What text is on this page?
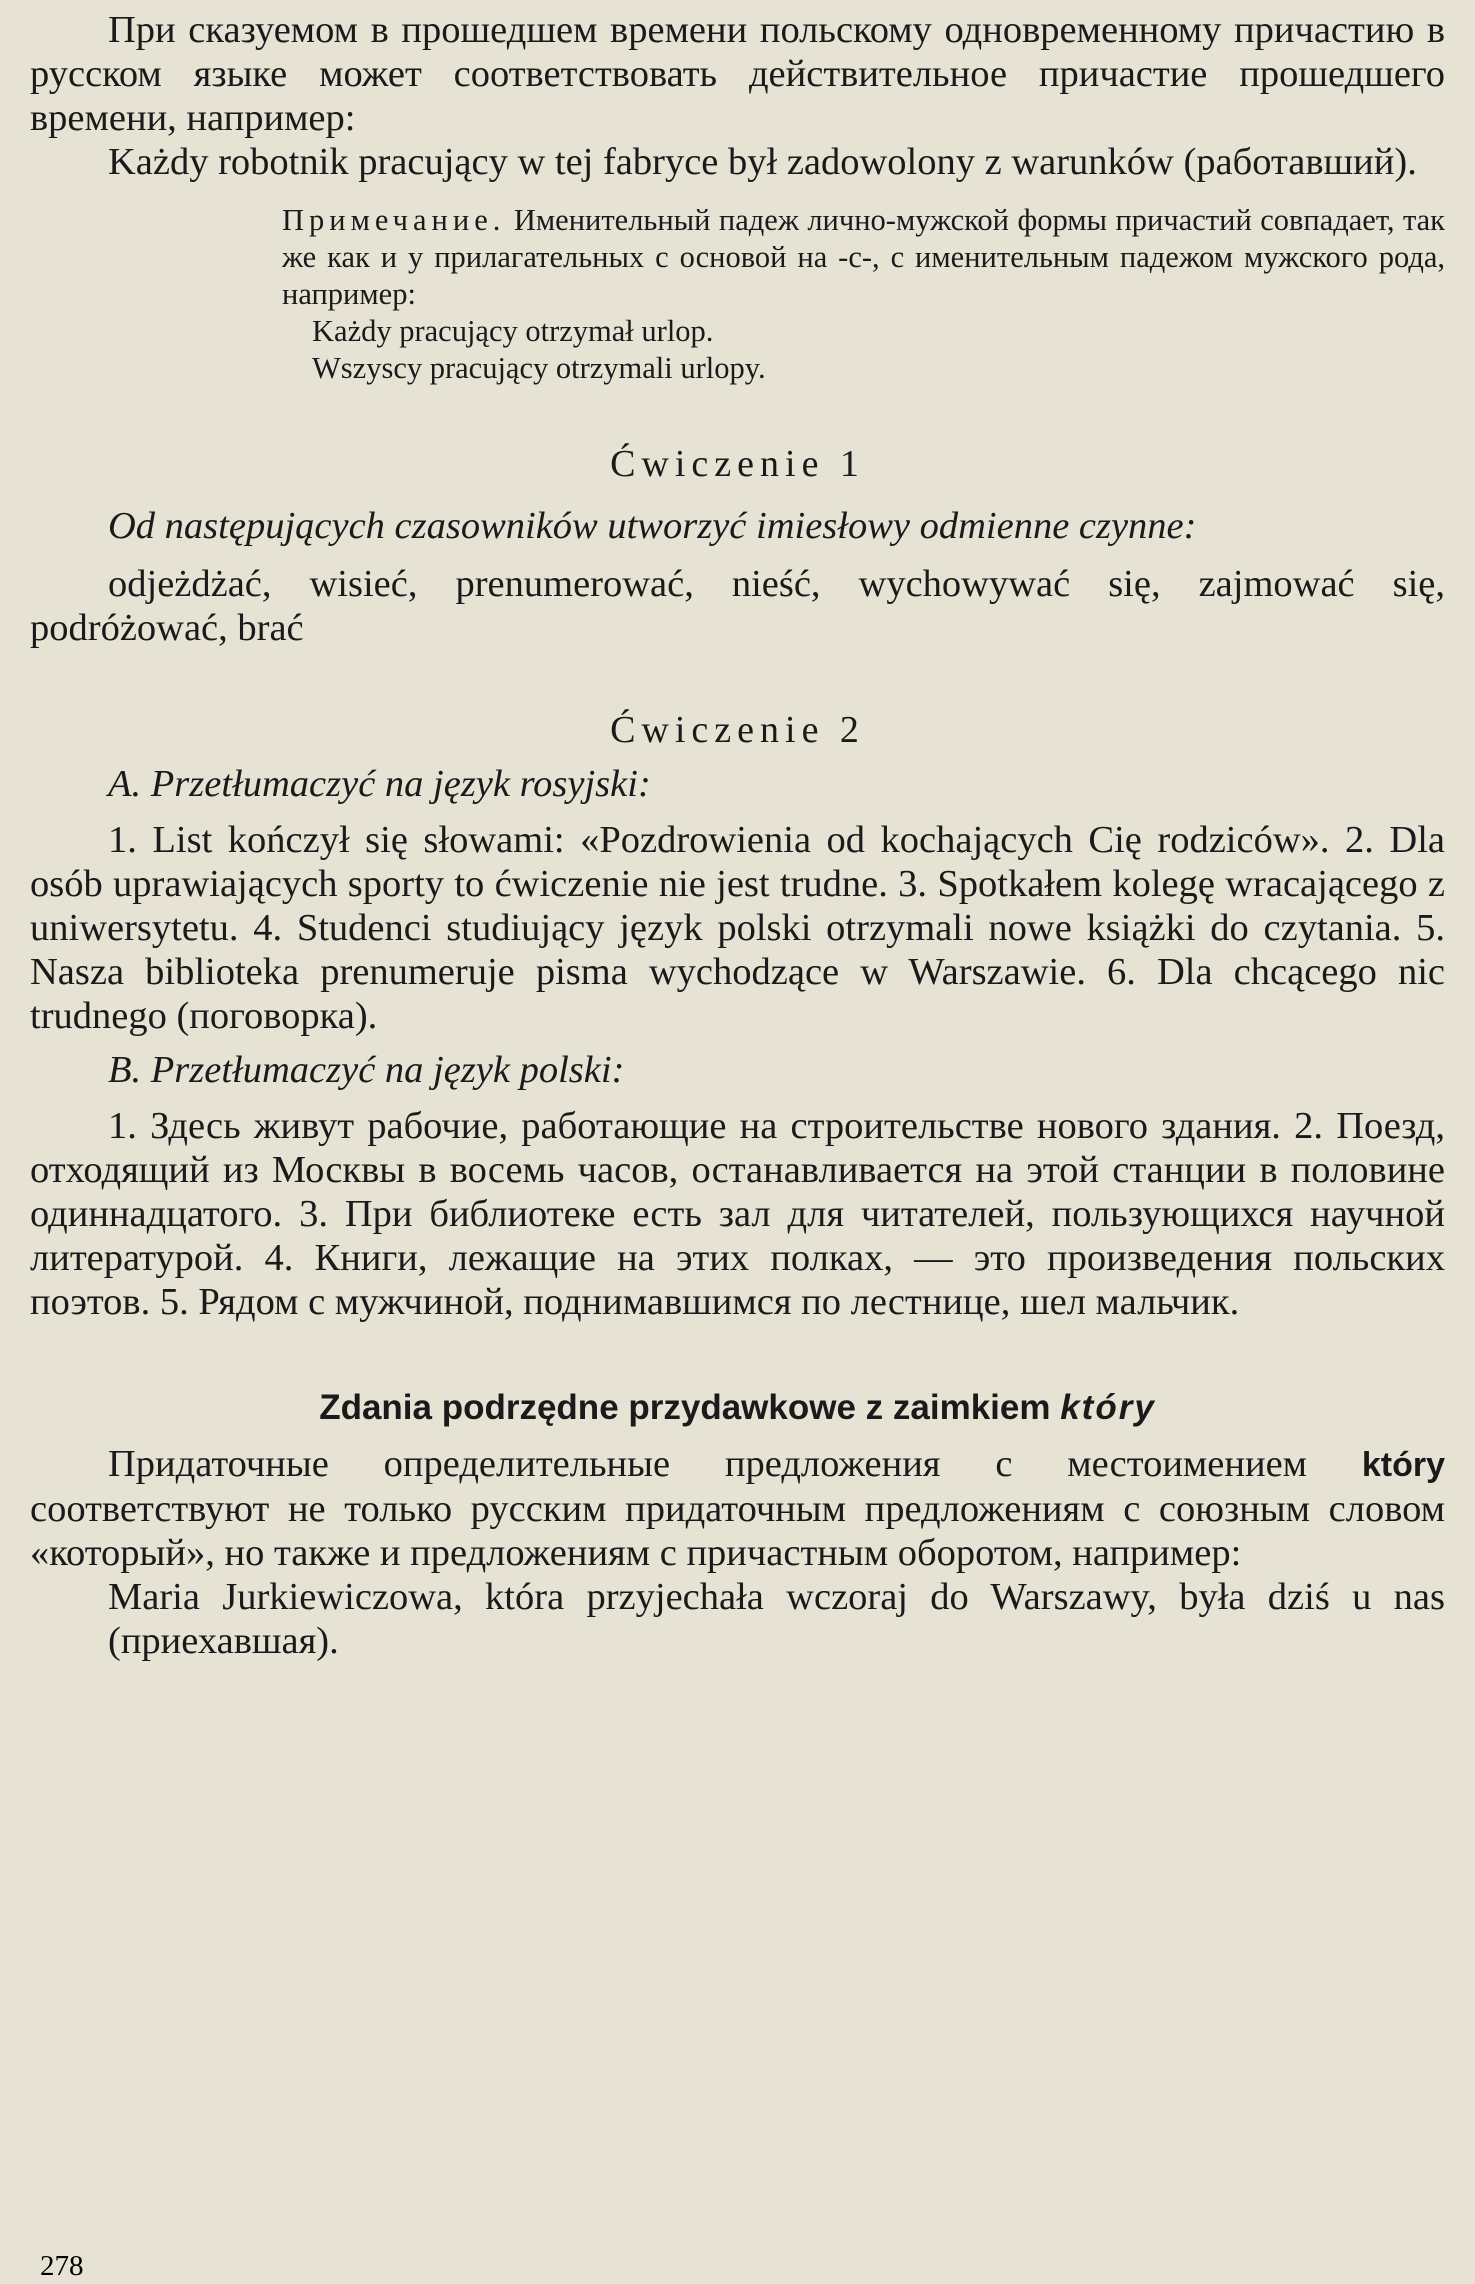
При сказуемом в прошедшем времени польскому одновременному причастию в русском языке может соответствовать действительное причастие прошедшего времени, например:

Każdy robotnik pracujący w tej fabryce był zadowolony z warunków (работавший).

Примечание. Именительный падеж лично-мужской формы причастий совпадает, так же как и у прилагательных с основой на -с-, с именительным падежом мужского рода, например:
Każdy pracujący otrzymał urlop.
Wszyscy pracujący otrzymali urlopy.

Ćwiczenie 1

Od następujących czasowników utworzyć imiesłowy odmienne czynne:

odjeżdżać, wisieć, prenumerować, nieść, wychowywać się, zajmować się, podróżować, brać

Ćwiczenie 2

A. Przetłumaczyć na język rosyjski:

1. List kończył się słowami: «Pozdrowienia od kochających Cię rodziców». 2. Dla osób uprawiających sporty to ćwiczenie nie jest trudne. 3. Spotkałem kolegę wracającego z uniwersytetu. 4. Studenci studiujący język polski otrzymali nowe książki do czytania. 5. Nasza biblioteka prenumeruje pisma wychodzące w Warszawie. 6. Dla chcącego nic trudnego (поговорка).

B. Przetłumaczyć na język polski:

1. Здесь живут рабочие, работающие на строительстве нового здания. 2. Поезд, отходящий из Москвы в восемь часов, останавливается на этой станции в половине одиннадцатого. 3. При библиотеке есть зал для читателей, пользующихся научной литературой. 4. Книги, лежащие на этих полках, — это произведения польских поэтов. 5. Рядом с мужчиной, поднимавшимся по лестнице, шел мальчик.

Zdania podrzędne przydawkowe z zaimkiem który

Придаточные определительные предложения с местоимением który соответствуют не только русским придаточным предложениям с союзным словом «который», но также и предложениям с причастным оборотом, например:

Maria Jurkiewiczowa, która przyjechała wczoraj do Warszawy, była dziś u nas (приехавшая).

278
